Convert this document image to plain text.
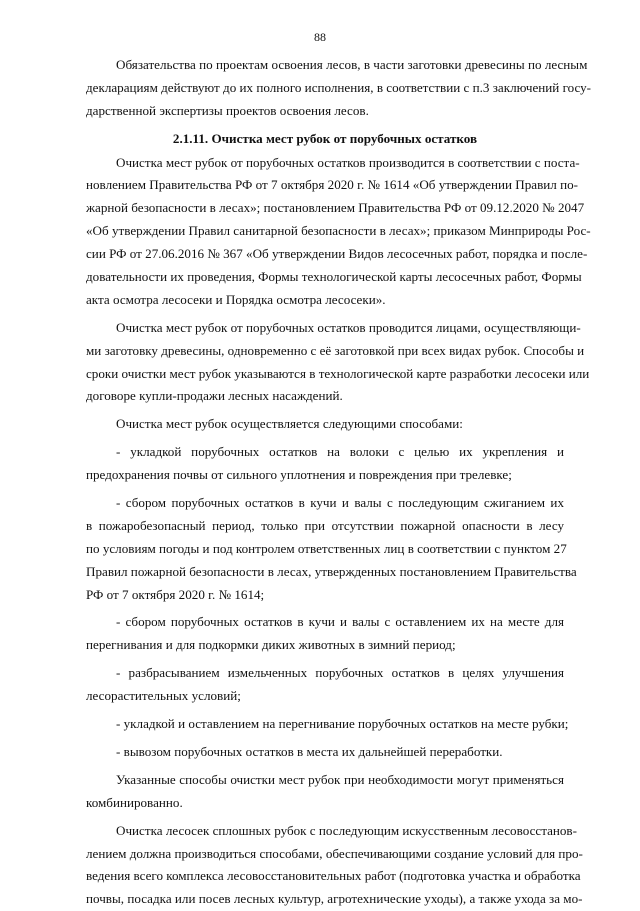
88
Обязательства по проектам освоения лесов, в части заготовки древесины по лесным
декларациям действуют до их полного исполнения, в соответствии с п.3 заключений госу-
дарственной экспертизы проектов освоения лесов.
2.1.11. Очистка мест рубок от порубочных остатков
Очистка мест рубок от порубочных остатков производится в соответствии с поста-
новлением Правительства РФ от 7 октября 2020 г. № 1614 «Об утверждении Правил по-
жарной безопасности в лесах»; постановлением Правительства РФ от 09.12.2020 № 2047
«Об утверждении Правил санитарной безопасности в лесах»; приказом Минприроды Рос-
сии РФ от 27.06.2016 № 367 «Об утверждении Видов лесосечных работ, порядка и после-
довательности их проведения, Формы технологической карты лесосечных работ, Формы
акта осмотра лесосеки и Порядка осмотра лесосеки».
Очистка мест рубок от порубочных остатков проводится лицами, осуществляющи-
ми заготовку древесины, одновременно с её заготовкой при всех видах рубок. Способы и
сроки очистки мест рубок указываются в технологической карте разработки лесосеки или
договоре купли-продажи лесных насаждений.
Очистка мест рубок осуществляется следующими способами:
- укладкой порубочных остатков на волоки с целью их укрепления и
предохранения почвы от сильного уплотнения и повреждения при трелевке;
- сбором порубочных остатков в кучи и валы с последующим сжиганием их
в пожаробезопасный период, только при отсутствии пожарной опасности в лесу
по условиям погоды и под контролем ответственных лиц в соответствии с пунктом 27
Правил пожарной безопасности в лесах, утвержденных постановлением Правительства
РФ от 7 октября 2020 г. № 1614;
- сбором порубочных остатков в кучи и валы с оставлением их на месте для
перегнивания и для подкормки диких животных в зимний период;
- разбрасыванием измельченных порубочных остатков в целях улучшения
лесорастительных условий;
- укладкой и оставлением на перегнивание порубочных остатков на месте рубки;
- вывозом порубочных остатков в места их дальнейшей переработки.
Указанные способы очистки мест рубок при необходимости могут применяться
комбинированно.
Очистка лесосек сплошных рубок с последующим искусственным лесовосстанов-
лением должна производиться способами, обеспечивающими создание условий для про-
ведения всего комплекса лесовосстановительных работ (подготовка участка и обработка
почвы, посадка или посев лесных культур, агротехнические уходы), а также ухода за мо-
